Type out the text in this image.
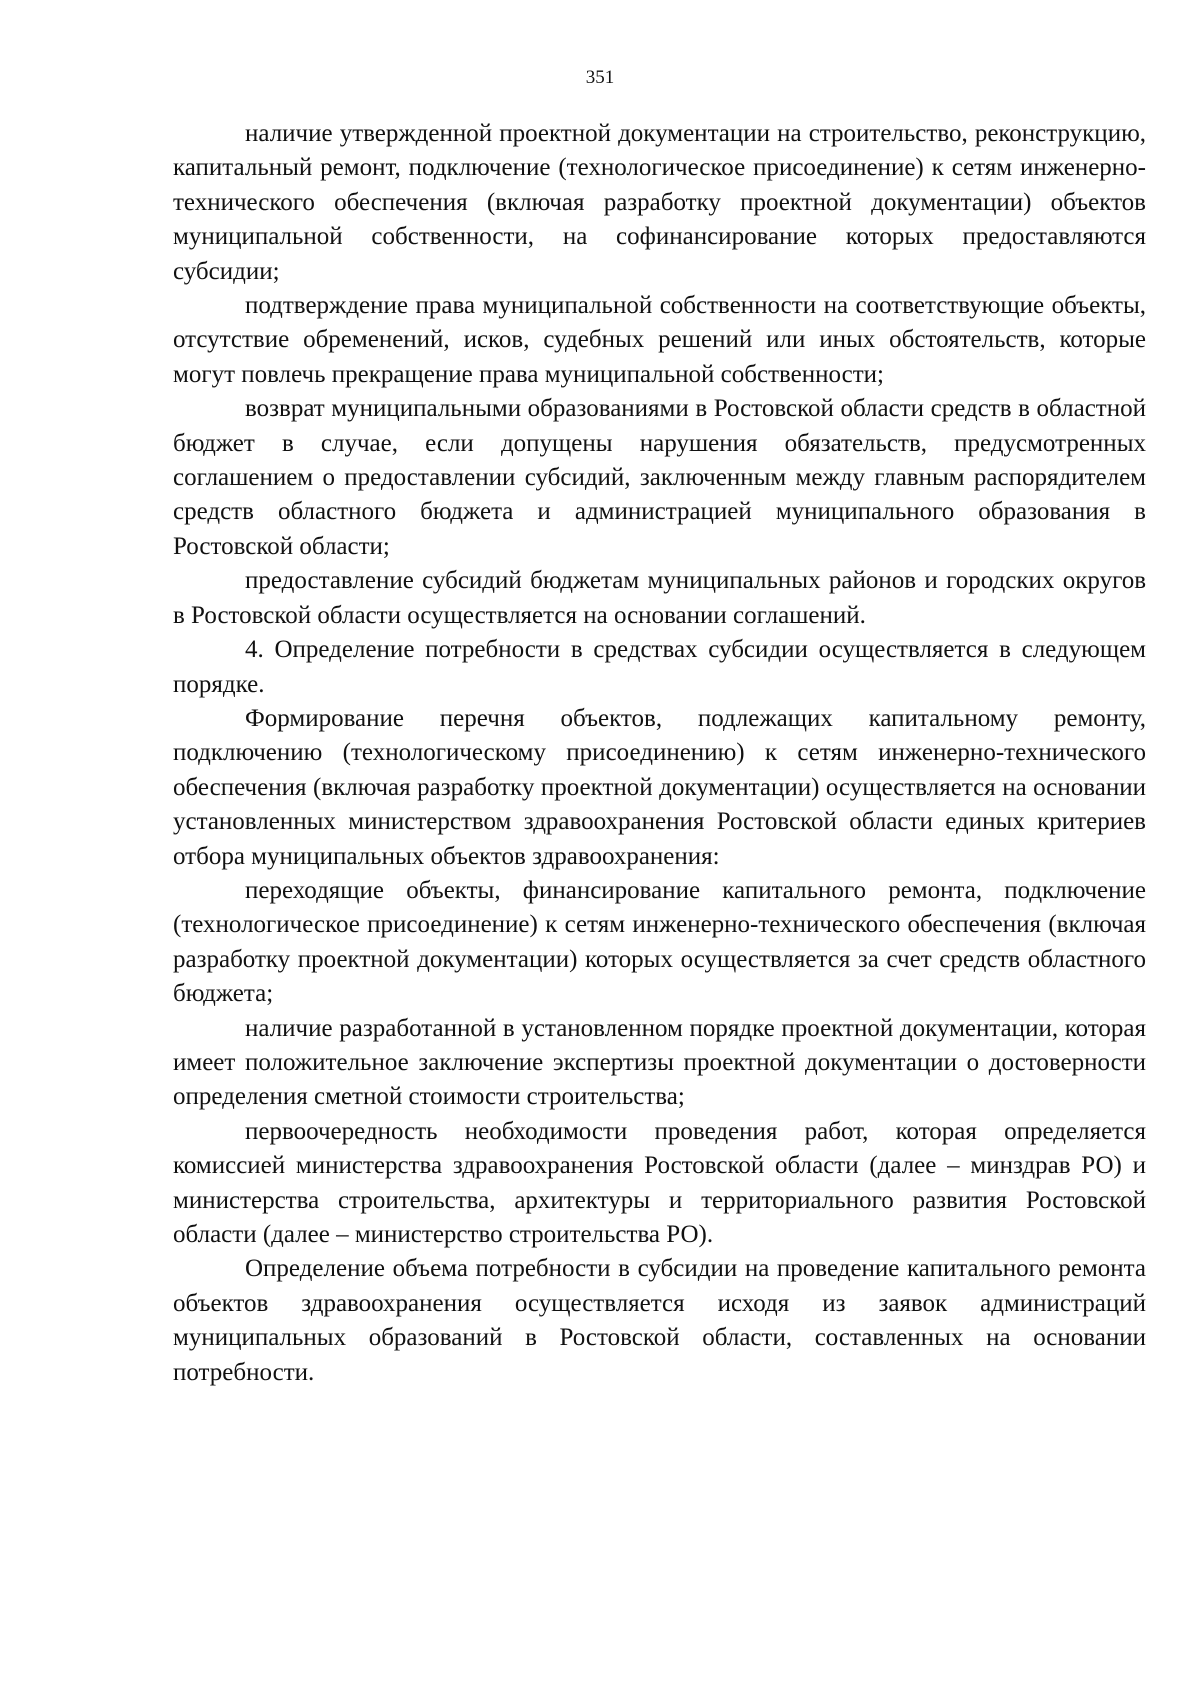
351

наличие утвержденной проектной документации на строительство, реконструкцию, капитальный ремонт, подключение (технологическое присоединение) к сетям инженерно-технического обеспечения (включая разработку проектной документации) объектов муниципальной собственности, на софинансирование которых предоставляются субсидии;

подтверждение права муниципальной собственности на соответствующие объекты, отсутствие обременений, исков, судебных решений или иных обстоятельств, которые могут повлечь прекращение права муниципальной собственности;

возврат муниципальными образованиями в Ростовской области средств в областной бюджет в случае, если допущены нарушения обязательств, предусмотренных соглашением о предоставлении субсидий, заключенным между главным распорядителем средств областного бюджета и администрацией муниципального образования в Ростовской области;

предоставление субсидий бюджетам муниципальных районов и городских округов в Ростовской области осуществляется на основании соглашений.

4. Определение потребности в средствах субсидии осуществляется в следующем порядке.

Формирование перечня объектов, подлежащих капитальному ремонту, подключению (технологическому присоединению) к сетям инженерно-технического обеспечения (включая разработку проектной документации) осуществляется на основании установленных министерством здравоохранения Ростовской области единых критериев отбора муниципальных объектов здравоохранения:

переходящие объекты, финансирование капитального ремонта, подключение (технологическое присоединение) к сетям инженерно-технического обеспечения (включая разработку проектной документации) которых осуществляется за счет средств областного бюджета;

наличие разработанной в установленном порядке проектной документации, которая имеет положительное заключение экспертизы проектной документации о достоверности определения сметной стоимости строительства;

первоочередность необходимости проведения работ, которая определяется комиссией министерства здравоохранения Ростовской области (далее – минздрав РО) и министерства строительства, архитектуры и территориального развития Ростовской области (далее – министерство строительства РО).

Определение объема потребности в субсидии на проведение капитального ремонта объектов здравоохранения осуществляется исходя из заявок администраций муниципальных образований в Ростовской области, составленных на основании потребности.
